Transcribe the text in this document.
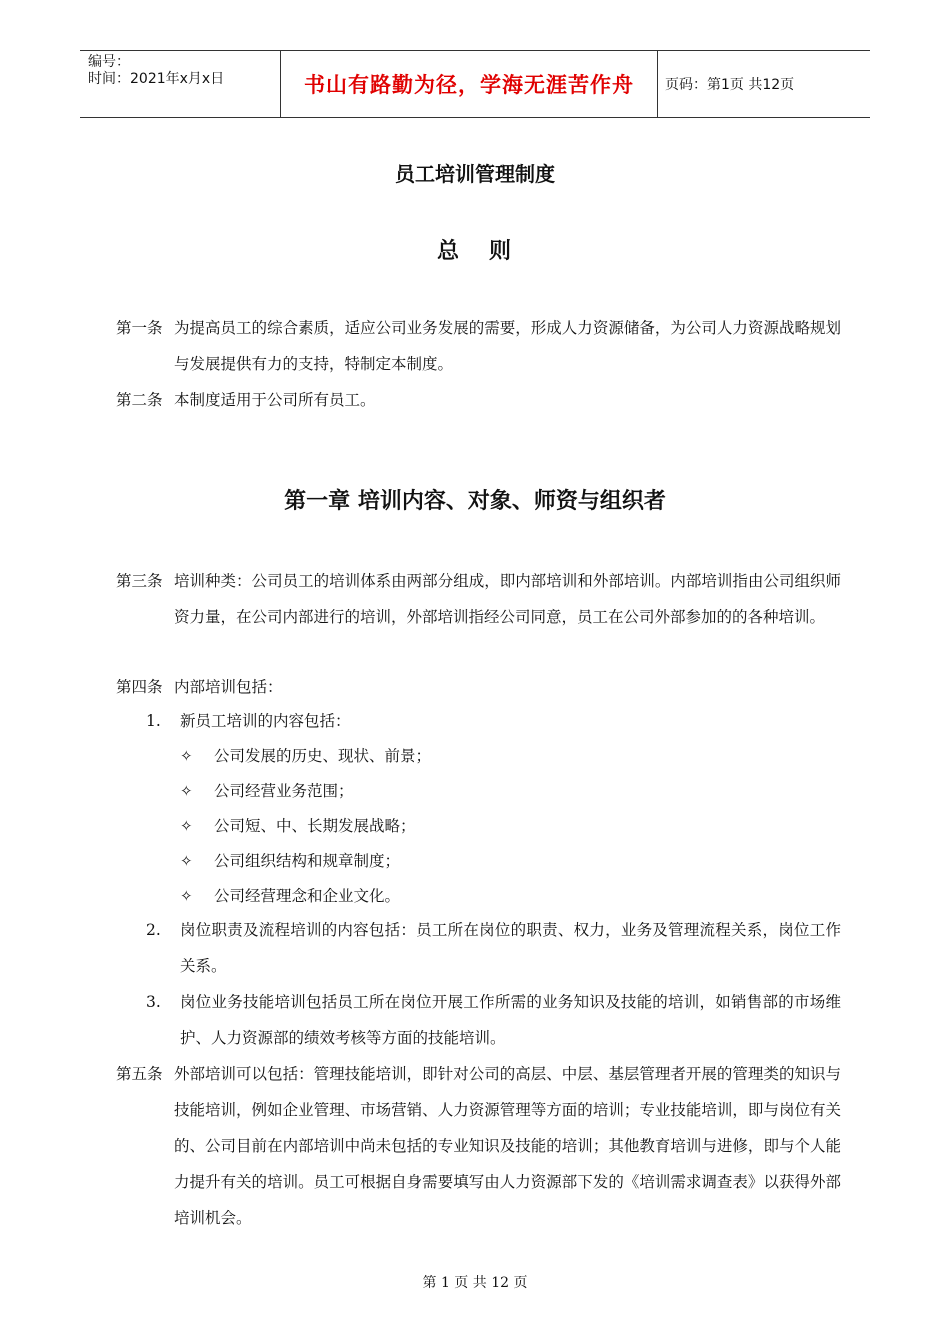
编号：
时间：2021年x月x日	书山有路勤为径，学海无涯苦作舟	页码：第1页 共12页
员工培训管理制度
总 则
第一条 为提高员工的综合素质，适应公司业务发展的需要，形成人力资源储备，为公司人力资源战略规划与发展提供有力的支持，特制定本制度。
第二条 本制度适用于公司所有员工。
第一章 培训内容、对象、师资与组织者
第三条 培训种类：公司员工的培训体系由两部分组成，即内部培训和外部培训。内部培训指由公司组织师资力量，在公司内部进行的培训，外部培训指经公司同意，员工在公司外部参加的的各种培训。
第四条 内部培训包括：
1. 新员工培训的内容包括：
✧ 公司发展的历史、现状、前景；
✧ 公司经营业务范围；
✧ 公司短、中、长期发展战略；
✧ 公司组织结构和规章制度；
✧ 公司经营理念和企业文化。
2. 岗位职责及流程培训的内容包括：员工所在岗位的职责、权力，业务及管理流程关系，岗位工作关系。
3. 岗位业务技能培训包括员工所在岗位开展工作所需的业务知识及技能的培训，如销售部的市场维护、人力资源部的绩效考核等方面的技能培训。
第五条 外部培训可以包括：管理技能培训，即针对公司的高层、中层、基层管理者开展的管理类的知识与技能培训，例如企业管理、市场营销、人力资源管理等方面的培训；专业技能培训，即与岗位有关的、公司目前在内部培训中尚未包括的专业知识及技能的培训；其他教育培训与进修，即与个人能力提升有关的培训。员工可根据自身需要填写由人力资源部下发的《培训需求调查表》以获得外部培训机会。
第 1 页 共 12 页
